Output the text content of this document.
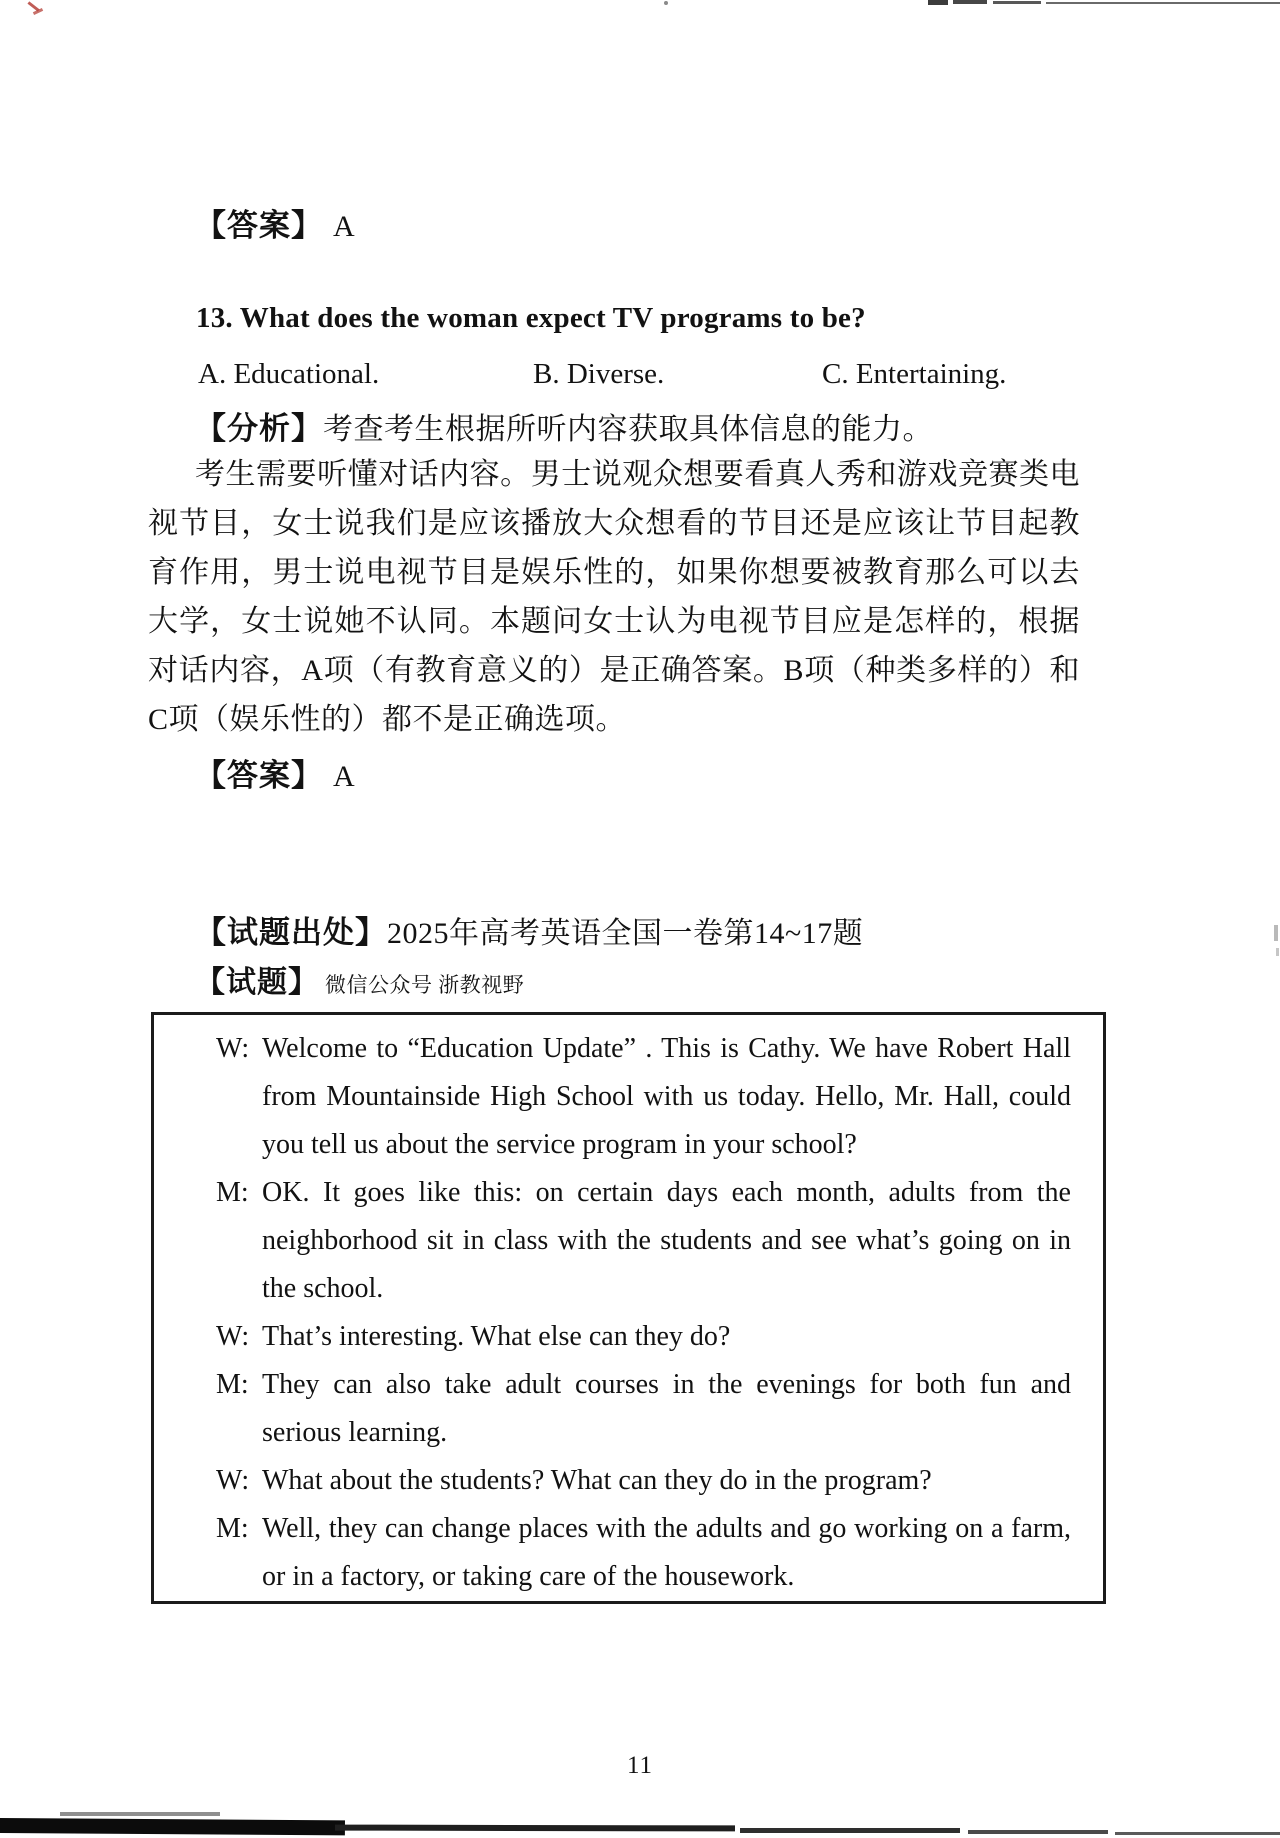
【答案】 A
13. What does the woman expect TV programs to be?
A. Educational.	B. Diverse.	C. Entertaining.
【分析】考查考生根据所听内容获取具体信息的能力。
考生需要听懂对话内容。男士说观众想要看真人秀和游戏竞赛类电视节目，女士说我们是应该播放大众想看的节目还是应该让节目起教育作用，男士说电视节目是娱乐性的，如果你想要被教育那么可以去大学，女士说她不认同。本题问女士认为电视节目应是怎样的，根据对话内容，A项（有教育意义的）是正确答案。B项（种类多样的）和C项（娱乐性的）都不是正确选项。
【答案】 A
【试题出处】2025年高考英语全国一卷第14~17题
【试题】 微信公众号 浙教视野

W: Welcome to “Education Update” . This is Cathy. We have Robert Hall from Mountainside High School with us today. Hello, Mr. Hall, could you tell us about the service program in your school?

M: OK. It goes like this: on certain days each month, adults from the neighborhood sit in class with the students and see what’s going on in the school.

W: That’s interesting. What else can they do?

M: They can also take adult courses in the evenings for both fun and serious learning.

W: What about the students? What can they do in the program?

M: Well, they can change places with the adults and go working on a farm, or in a factory, or taking care of the housework.

11
